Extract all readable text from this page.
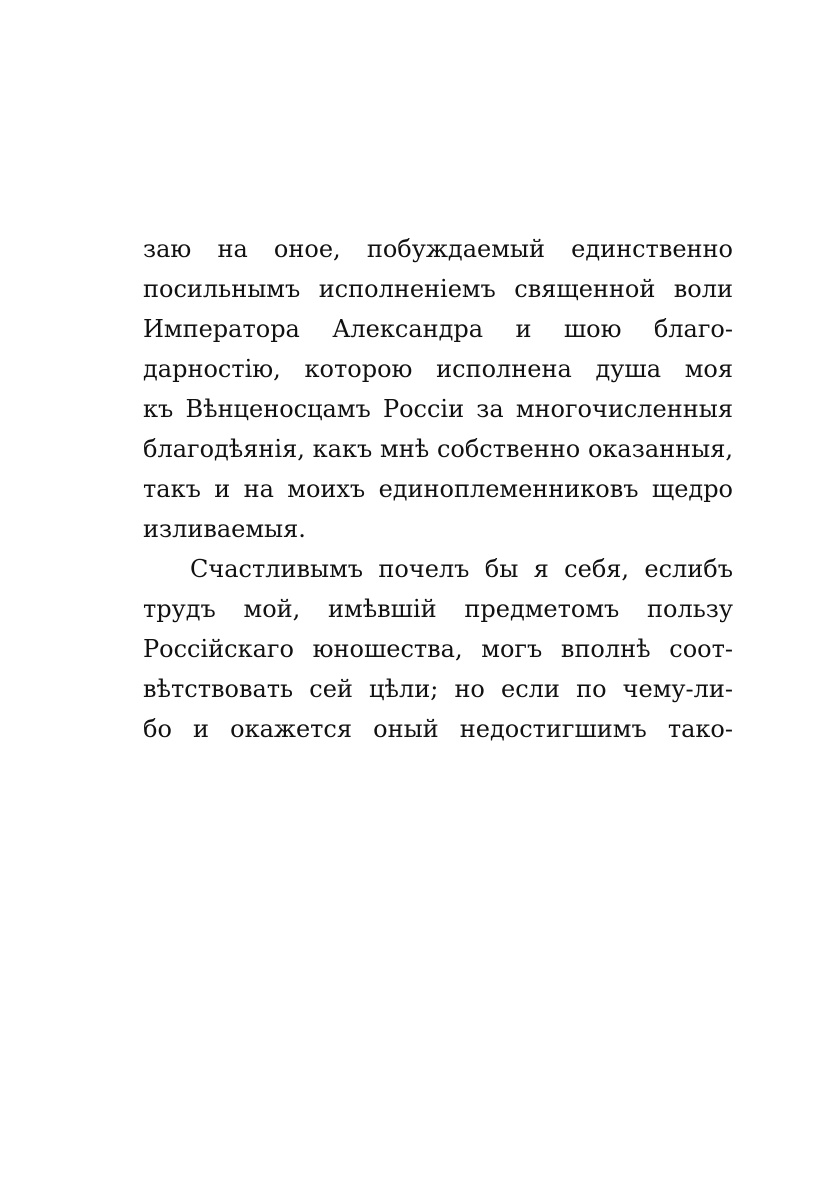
заю на оное, побуждаемый единственно
посильнымъ исполненіемъ священной воли
Императора Александра и шою благо-
дарностію, которою исполнена душа моя
къ Вѣнценосцамъ Россіи за многочисленныя
благодѣянія, какъ мнѣ собственно оказанныя,
такъ и на моихъ единоплеменниковъ щедро
изливаемыя.
Счастливымъ почелъ бы я себя, еслибъ
трудъ мой, имѣвшій предметомъ пользу
Россійскаго юношества, могъ вполнѣ соот-
вѣтствовать сей цѣли; но если по чему-ли-
бо и окажется оный недостигшимъ тако-
